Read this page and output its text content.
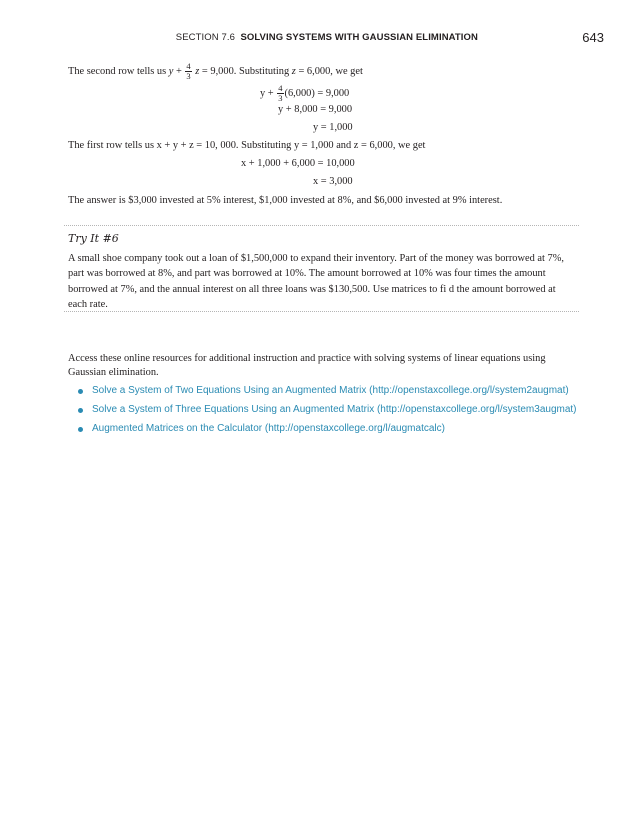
SECTION 7.6 SOLVING SYSTEMS WITH GAUSSIAN ELIMINATION	643
The second row tells us $y + \frac{4}{3}$ z = 9,000. Substituting z = 6,000, we get
$y + \frac{4}{3} (6,000) = 9,000$
y + 8,000 = 9,000
y = 1,000
The first row tells us x + y + z = 10, 000. Substituting y = 1,000 and z = 6,000, we get
x + 1,000 + 6,000 = 10,000
x = 3,000
The answer is $3,000 invested at 5% interest, $1,000 invested at 8%, and $6,000 invested at 9% interest.
Try It #6
A small shoe company took out a loan of $1,500,000 to expand their inventory. Part of the money was borrowed at 7%, part was borrowed at 8%, and part was borrowed at 10%. The amount borrowed at 10% was four times the amount borrowed at 7%, and the annual interest on all three loans was $130,500. Use matrices to fi d the amount borrowed at each rate.
Access these online resources for additional instruction and practice with solving systems of linear equations using Gaussian elimination.
Solve a System of Two Equations Using an Augmented Matrix (http://openstaxcollege.org/l/system2augmat)
Solve a System of Three Equations Using an Augmented Matrix (http://openstaxcollege.org/l/system3augmat)
Augmented Matrices on the Calculator (http://openstaxcollege.org/l/augmatcalc)
